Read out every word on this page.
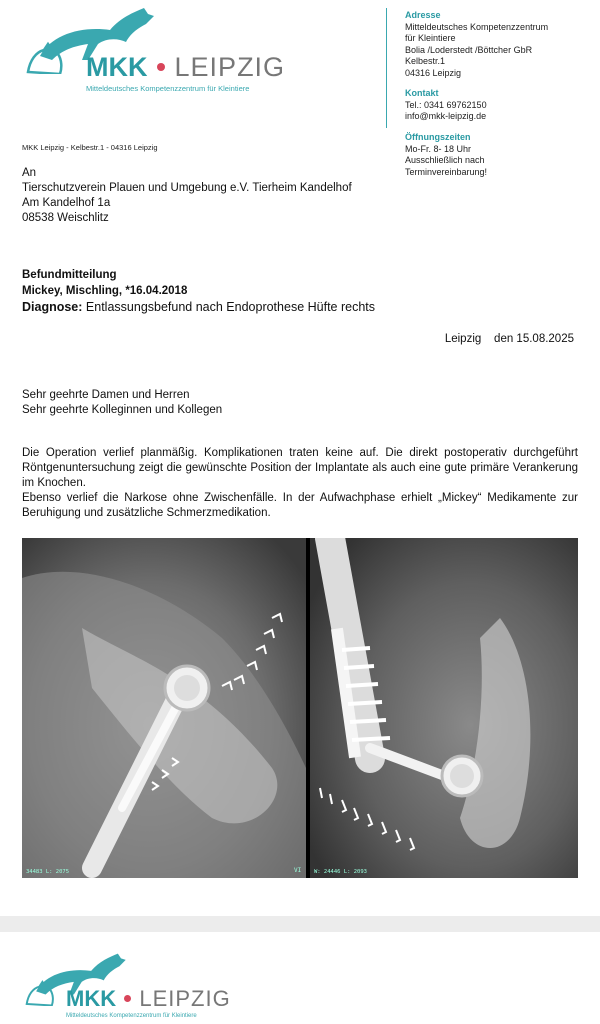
MKK LEIPZIG
Mitteldeutsches Kompetenzzentrum für Kleintiere
Adresse
Mitteldeutsches Kompetenzzentrum
für Kleintiere
Bolia /Loderstedt /Böttcher GbR
Kelbestr.1
04316 Leipzig
Kontakt
Tel.: 0341 69762150
info@mkk-leipzig.de
Öffnungszeiten
Mo-Fr. 8- 18 Uhr
Ausschließlich nach
Terminvereinbarung!
MKK Leipzig - Kelbestr.1 - 04316 Leipzig
An
Tierschutzverein Plauen und Umgebung e.V. Tierheim Kandelhof
Am Kandelhof 1a
08538 Weischlitz
Befundmitteilung
Mickey, Mischling, *16.04.2018
Diagnose: Entlassungsbefund nach Endoprothese Hüfte rechts
Leipzig    den 15.08.2025
Sehr geehrte Damen und Herren
Sehr geehrte Kolleginnen und Kollegen
Die Operation verlief planmäßig. Komplikationen traten keine auf. Die direkt postoperativ durchgeführt Röntgenuntersuchung zeigt die gewünschte Position der Implantate als auch eine gute primäre Verankerung im Knochen.
Ebenso verlief die Narkose ohne Zwischenfälle. In der Aufwachphase erhielt „Mickey“ Medikamente zur Beruhigung und zusätzliche Schmerzmedikation.
VI
34483 L: 2075	W: 24446 L: 2093
MKK LEIPZIG
Mitteldeutsches Kompetenzzentrum für Kleintiere
